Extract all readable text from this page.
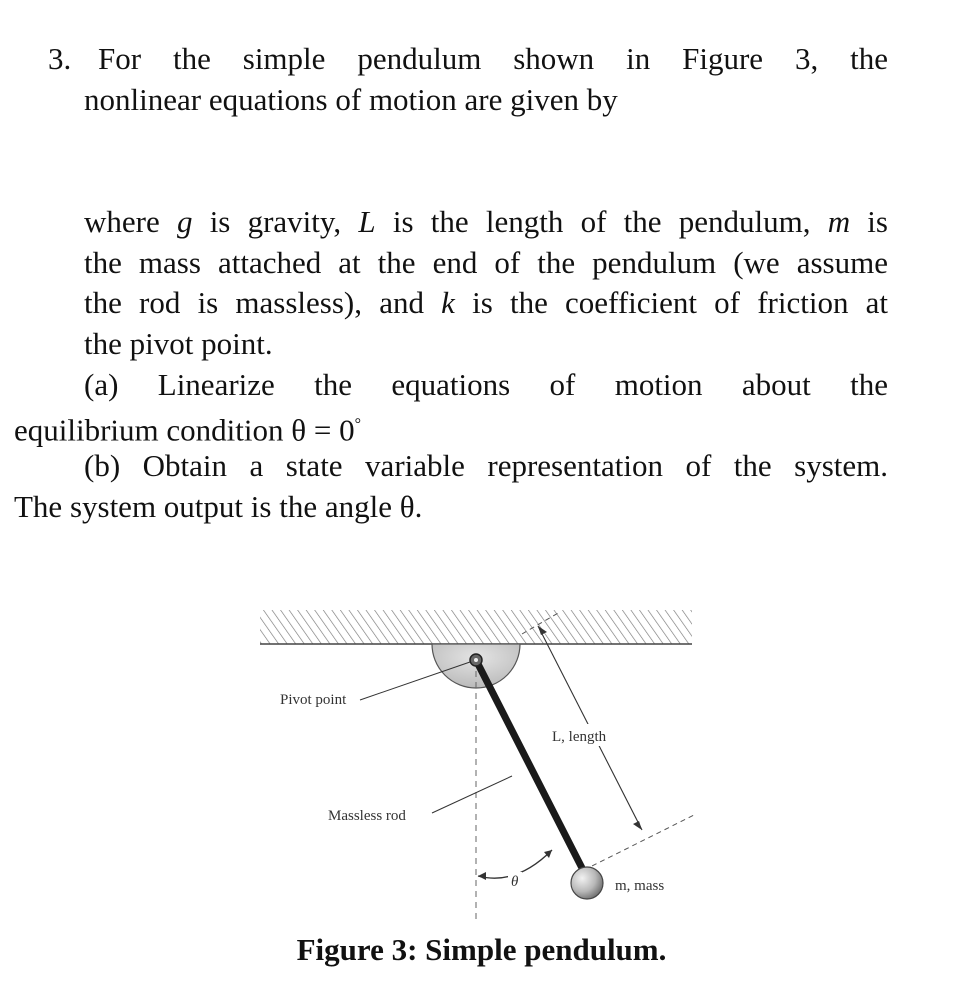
3. For the simple pendulum shown in Figure 3, the
nonlinear equations of motion are given by
where g is gravity, L is the length of the pendulum, m is
the mass attached at the end of the pendulum (we assume
the rod is massless), and k is the coefficient of friction at
the pivot point.
(a) Linearize the equations of motion about the
equilibrium condition θ = 0°
(b) Obtain a state variable representation of the system.
The system output is the angle θ.
L, length
Pivot point
Massless rod
θ	m, mass
Figure 3: Simple pendulum.
